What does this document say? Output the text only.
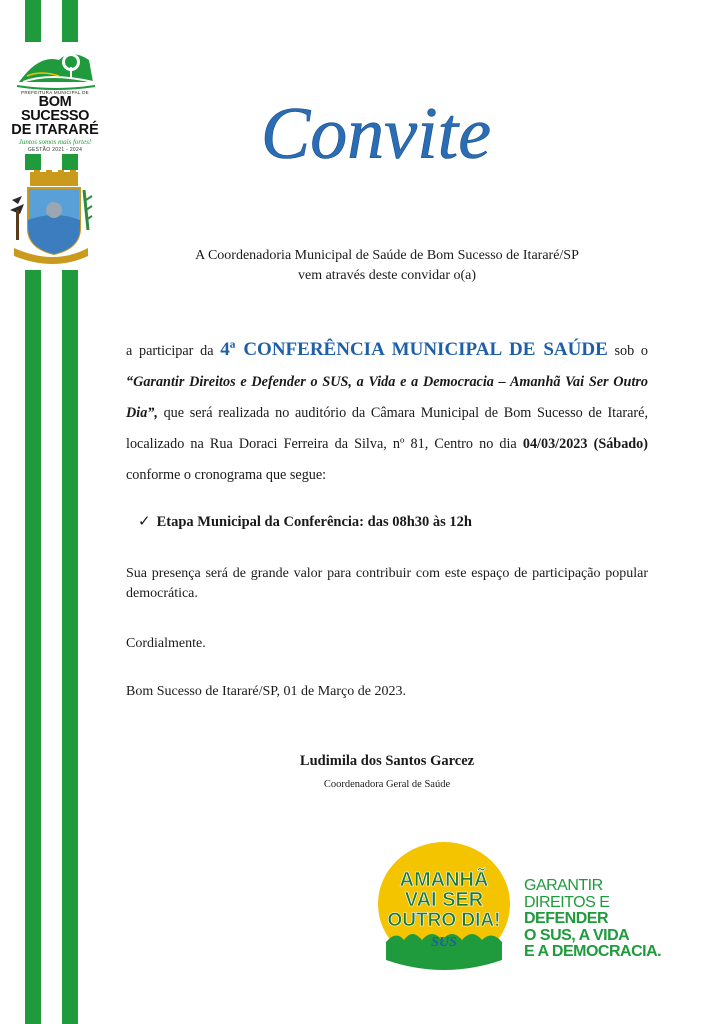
PREFEITURA MUNICIPAL DE
BOM SUCESSO
DE ITARARÉ
Juntos somos mais fortes!
GESTÃO 2021 - 2024	Convite
A Coordenadoria Municipal de Saúde de Bom Sucesso de Itararé/SP
vem através deste convidar o(a)
a participar da 4ª CONFERÊNCIA MUNICIPAL DE SAÚDE sob o “Garantir Direitos e Defender o SUS, a Vida e a Democracia – Amanhã Vai Ser Outro Dia”, que será realizada no auditório da Câmara Municipal de Bom Sucesso de Itararé, localizado na Rua Doraci Ferreira da Silva, nº 81, Centro no dia 04/03/2023 (Sábado) conforme o cronograma que segue:
✓ Etapa Municipal da Conferência: das 08h30 às 12h
Sua presença será de grande valor para contribuir com este espaço de participação popular democrática.
Cordialmente.
Bom Sucesso de Itararé/SP, 01 de Março de 2023.
Ludimila dos Santos Garcez
Coordenadora Geral de Saúde
AMANHÃ
VAI SER
OUTRO DIA!
SUS
GARANTIR
DIREITOS E
DEFENDER
O SUS, A VIDA
E A DEMOCRACIA.
